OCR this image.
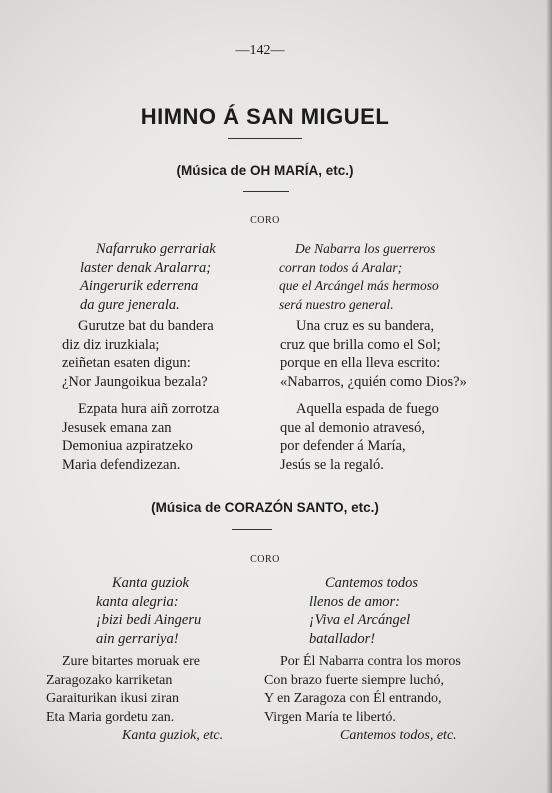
—142—
HIMNO Á SAN MIGUEL
(Música de OH MARÍA, etc.)
CORO
Nafarruko gerrariak
laster denak Aralarra;
Aingerurik ederrena
da gure jenerala.
De Nabarra los guerreros
corran todos á Aralar;
que el Arcángel más hermoso
será nuestro general.
Gurutze bat du bandera
diz diz iruzkiala;
zeiñetan esaten digun:
¿Nor Jaungoikua bezala?
Ezpata hura aiñ zorrotza
Jesusek emana zan
Demoniua azpiratzeko
Maria defendizezan.
Una cruz es su bandera,
cruz que brilla como el Sol;
porque en ella lleva escrito:
«Nabarros, ¿quién como Dios?»
Aquella espada de fuego
que al demonio atravesó,
por defender á María,
Jesús se la regaló.
(Música de CORAZÓN SANTO, etc.)
CORO
Kanta guziok
kanta alegria:
¡bizi bedi Aingeru
ain gerrariya!
Cantemos todos
llenos de amor:
¡Viva el Arcángel
batallador!
Zure bitartes moruak ere
Zaragozako karriketan
Garaiturikan ikusi ziran
Eta Maria gordetu zan.
Kanta guziok, etc.
Por Él Nabarra contra los moros
Con brazo fuerte siempre luchó,
Y en Zaragoza con Él entrando,
Virgen María te libertó.
Cantemos todos, etc.
